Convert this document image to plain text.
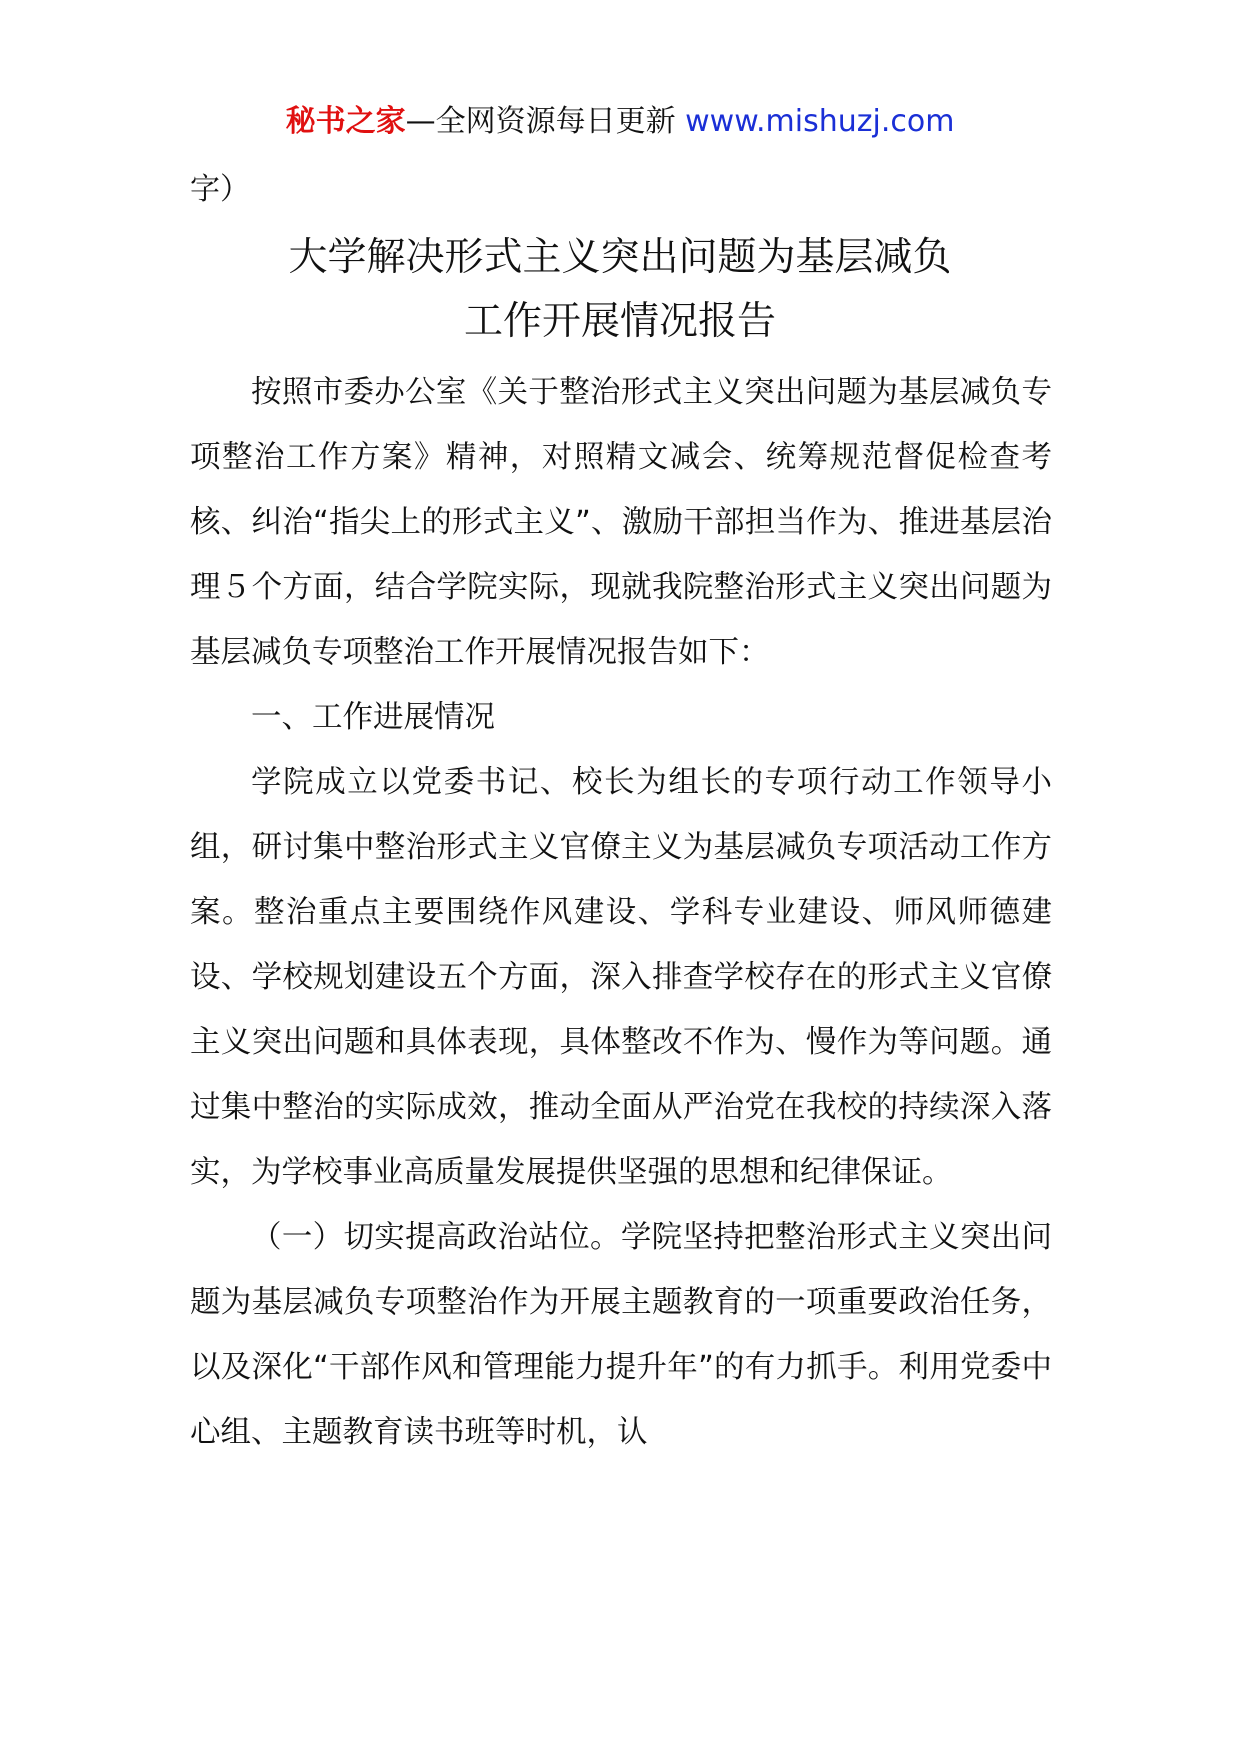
秘书之家—全网资源每日更新 www.mishuzj.com
字）
大学解决形式主义突出问题为基层减负
工作开展情况报告

按照市委办公室《关于整治形式主义突出问题为基层减负专项整治工作方案》精神，对照精文减会、统筹规范督促检查考核、纠治“指尖上的形式主义”、激励干部担当作为、推进基层治理５个方面，结合学院实际，现就我院整治形式主义突出问题为基层减负专项整治工作开展情况报告如下：

一、工作进展情况

学院成立以党委书记、校长为组长的专项行动工作领导小组，研讨集中整治形式主义官僚主义为基层减负专项活动工作方案。整治重点主要围绕作风建设、学科专业建设、师风师德建设、学校规划建设五个方面，深入排查学校存在的形式主义官僚主义突出问题和具体表现，具体整改不作为、慢作为等问题。通过集中整治的实际成效，推动全面从严治党在我校的持续深入落实，为学校事业高质量发展提供坚强的思想和纪律保证。

（一）切实提高政治站位。学院坚持把整治形式主义突出问题为基层减负专项整治作为开展主题教育的一项重要政治任务，以及深化“干部作风和管理能力提升年”的有力抓手。利用党委中心组、主题教育读书班等时机，认
